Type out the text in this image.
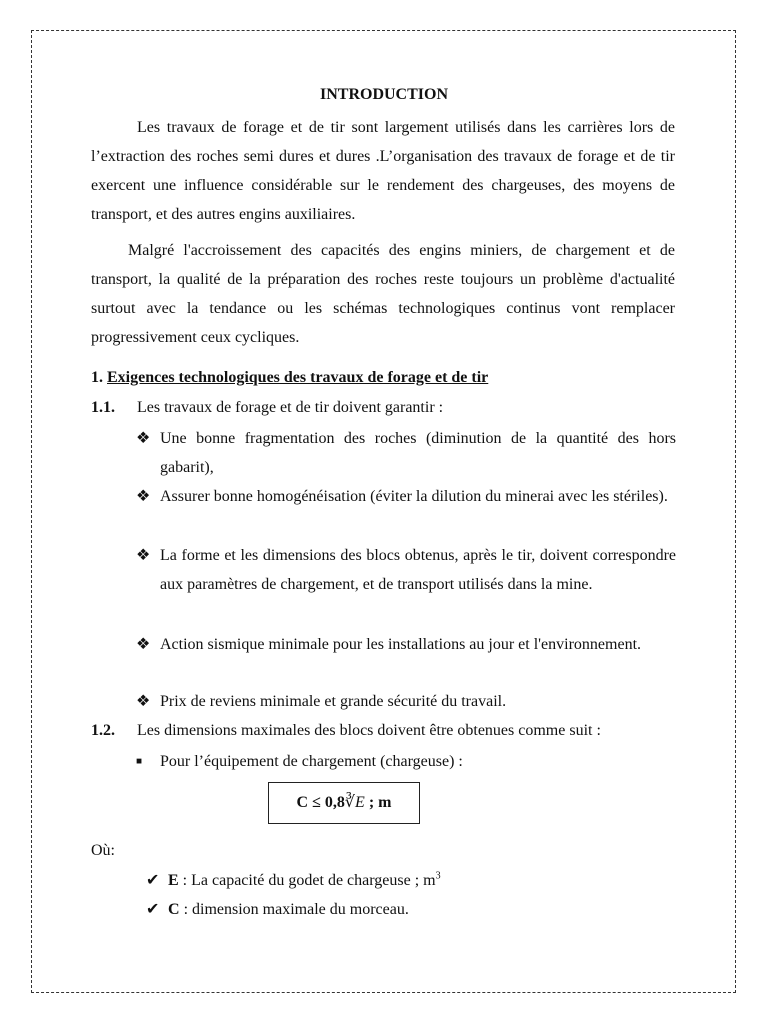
INTRODUCTION
Les travaux de forage et de tir sont largement utilisés dans les carrières lors de l’extraction des roches semi dures et dures .L’organisation des travaux de forage et de tir exercent une influence considérable sur le rendement des chargeuses, des moyens de transport, et des autres engins auxiliaires.
Malgré l'accroissement des capacités des engins miniers, de chargement et de transport, la qualité de la préparation des roches reste toujours un problème d'actualité surtout avec la tendance ou les schémas technologiques continus vont remplacer progressivement ceux cycliques.
1. Exigences technologiques des travaux de forage et de tir
1.1. Les travaux de forage et de tir doivent garantir :
❖ Une bonne fragmentation des roches (diminution de la quantité des hors gabarit),
❖ Assurer bonne homogénéisation (éviter la dilution du minerai avec les stériles).
❖ La forme et les dimensions des blocs obtenus, après le tir, doivent correspondre aux paramètres de chargement, et de transport utilisés dans la mine.
❖ Action sismique minimale pour les installations au jour et l'environnement.
❖ Prix de reviens minimale et grande sécurité du travail.
1.2. Les dimensions maximales des blocs doivent être obtenues comme suit :
■ Pour l’équipement de chargement (chargeuse) :
C ≤ 0,8∛E ; m
Où:
✔ E : La capacité du godet de chargeuse ; $m^3$
✔ C : dimension maximale du morceau.
